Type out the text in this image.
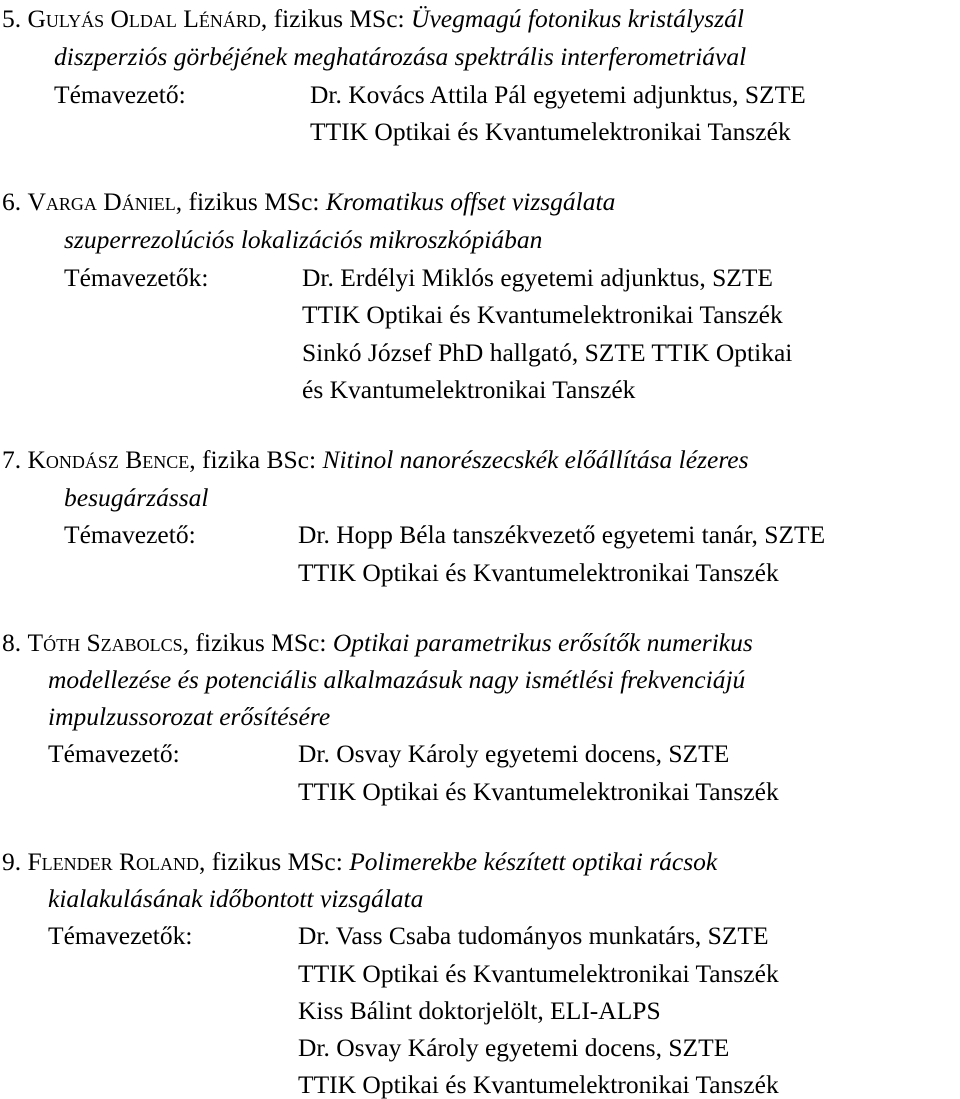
5. Gulyás Oldal Lénárd, fizikus MSc: Üvegmagú fotonikus kristályszál
diszperziós görbéjének meghatározása spektrális interferometriával
Témavezető:	Dr. Kovács Attila Pál egyetemi adjunktus, SZTE
TTIK Optikai és Kvantumelektronikai Tanszék
6. Varga Dániel, fizikus MSc: Kromatikus offset vizsgálata
szuperrezolúciós lokalizációs mikroszkópiában
Témavezetők:	Dr. Erdélyi Miklós egyetemi adjunktus, SZTE
TTIK Optikai és Kvantumelektronikai Tanszék
Sinkó József PhD hallgató, SZTE TTIK Optikai
és Kvantumelektronikai Tanszék
7. Kondász Bence, fizika BSc: Nitinol nanorészecskék előállítása lézeres
besugárzással
Témavezető:	Dr. Hopp Béla tanszékvezető egyetemi tanár, SZTE
TTIK Optikai és Kvantumelektronikai Tanszék
8. Tóth Szabolcs, fizikus MSc: Optikai parametrikus erősítők numerikus
modellezése és potenciális alkalmazásuk nagy ismétlési frekvenciájú
impulzussorozat erősítésére
Témavezető:	Dr. Osvay Károly egyetemi docens, SZTE
TTIK Optikai és Kvantumelektronikai Tanszék
9. Flender Roland, fizikus MSc: Polimerekbe készített optikai rácsok
kialakulásának időbontott vizsgálata
Témavezetők:	Dr. Vass Csaba tudományos munkatárs, SZTE
TTIK Optikai és Kvantumelektronikai Tanszék
Kiss Bálint doktorjelölt, ELI-ALPS
Dr. Osvay Károly egyetemi docens, SZTE
TTIK Optikai és Kvantumelektronikai Tanszék
